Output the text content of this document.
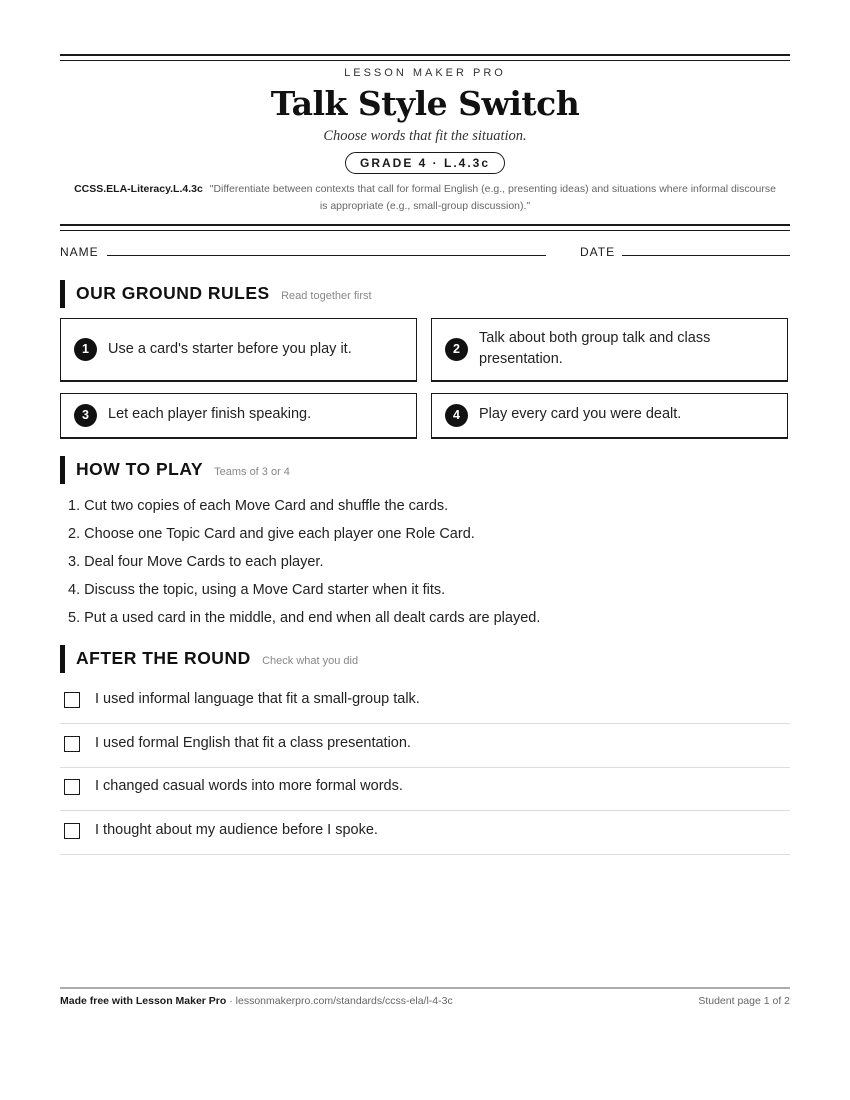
LESSON MAKER PRO
Talk Style Switch
Choose words that fit the situation.
GRADE 4 · L.4.3c
CCSS.ELA-Literacy.L.4.3c "Differentiate between contexts that call for formal English (e.g., presenting ideas) and situations where informal discourse is appropriate (e.g., small-group discussion)."
NAME	DATE
OUR GROUND RULES Read together first
1	Use a card's starter before you play it.	2
Talk about both group talk and class presentation.
3	Let each player finish speaking.	4	Play every card you were dealt.
HOW TO PLAY Teams of 3 or 4
1. Cut two copies of each Move Card and shuffle the cards.
2. Choose one Topic Card and give each player one Role Card.
3. Deal four Move Cards to each player.
4. Discuss the topic, using a Move Card starter when it fits.
5. Put a used card in the middle, and end when all dealt cards are played.
AFTER THE ROUND Check what you did
I used informal language that fit a small-group talk.
I used formal English that fit a class presentation.
I changed casual words into more formal words.
I thought about my audience before I spoke.
Made free with Lesson Maker Pro · lessonmakerpro.com/standards/ccss-ela/l-4-3c	Student page 1 of 2
